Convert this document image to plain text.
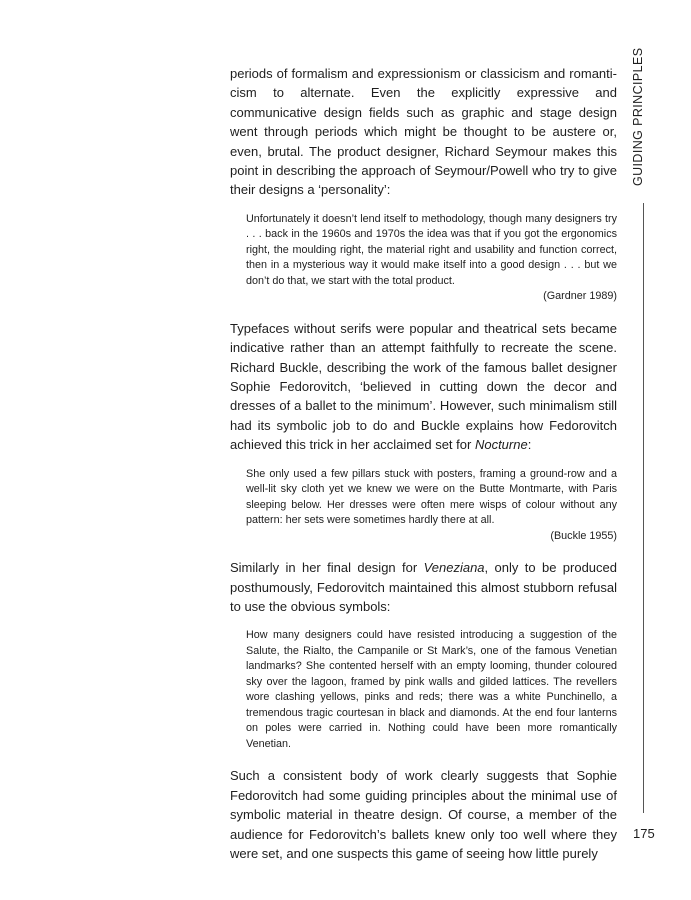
periods of formalism and expressionism or classicism and romanticism to alternate. Even the explicitly expressive and communicative design fields such as graphic and stage design went through periods which might be thought to be austere or, even, brutal. The product designer, Richard Seymour makes this point in describing the approach of Seymour/Powell who try to give their designs a ‘personality’:

Unfortunately it doesn’t lend itself to methodology, though many designers try . . . back in the 1960s and 1970s the idea was that if you got the ergonomics right, the moulding right, the material right and usability and function correct, then in a mysterious way it would make itself into a good design . . . but we don’t do that, we start with the total product.
(Gardner 1989)

Typefaces without serifs were popular and theatrical sets became indicative rather than an attempt faithfully to recreate the scene. Richard Buckle, describing the work of the famous ballet designer Sophie Fedorovitch, ‘believed in cutting down the decor and dresses of a ballet to the minimum’. However, such minimalism still had its symbolic job to do and Buckle explains how Fedorovitch achieved this trick in her acclaimed set for Nocturne:

She only used a few pillars stuck with posters, framing a ground-row and a well-lit sky cloth yet we knew we were on the Butte Montmarte, with Paris sleeping below. Her dresses were often mere wisps of colour without any pattern: her sets were sometimes hardly there at all.
(Buckle 1955)

Similarly in her final design for Veneziana, only to be produced posthumously, Fedorovitch maintained this almost stubborn refusal to use the obvious symbols:

How many designers could have resisted introducing a suggestion of the Salute, the Rialto, the Campanile or St Mark’s, one of the famous Venetian landmarks? She contented herself with an empty looming, thunder coloured sky over the lagoon, framed by pink walls and gilded lattices. The revellers wore clashing yellows, pinks and reds; there was a white Punchinello, a tremendous tragic courtesan in black and diamonds. At the end four lanterns on poles were carried in. Nothing could have been more romantically Venetian.

Such a consistent body of work clearly suggests that Sophie Fedorovitch had some guiding principles about the minimal use of symbolic material in theatre design. Of course, a member of the audience for Fedorovitch’s ballets knew only too well where they were set, and one suspects this game of seeing how little purely

GUIDING PRINCIPLES
175
